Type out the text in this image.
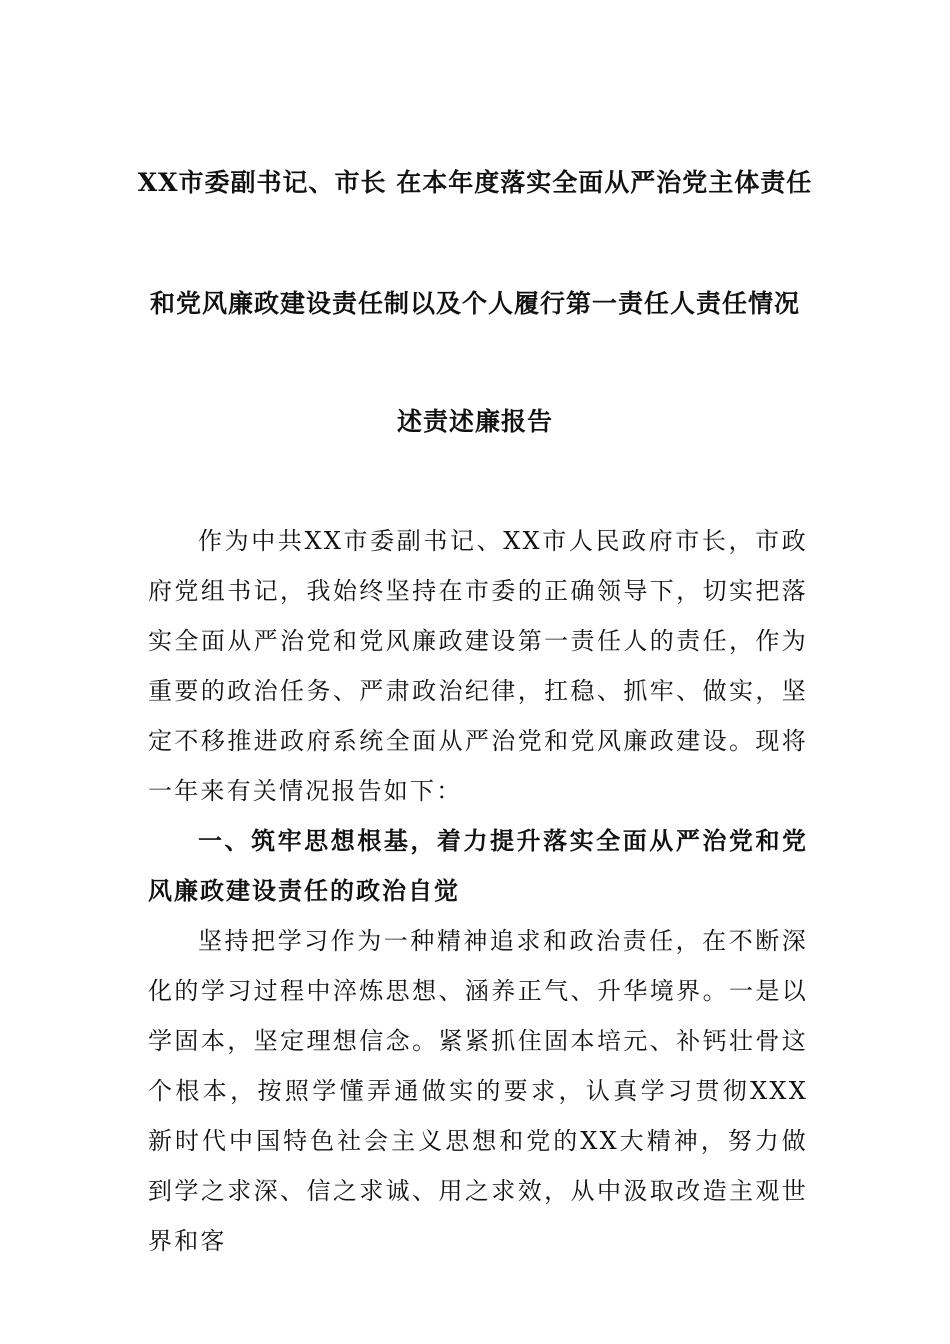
XX市委副书记、市长 在本年度落实全面从严治党主体责任
和党风廉政建设责任制以及个人履行第一责任人责任情况
述责述廉报告

作为中共XX市委副书记、XX市人民政府市长，市政府党组书记，我始终坚持在市委的正确领导下，切实把落实全面从严治党和党风廉政建设第一责任人的责任，作为重要的政治任务、严肃政治纪律，扛稳、抓牢、做实，坚定不移推进政府系统全面从严治党和党风廉政建设。现将一年来有关情况报告如下：

一、筑牢思想根基，着力提升落实全面从严治党和党风廉政建设责任的政治自觉

坚持把学习作为一种精神追求和政治责任，在不断深化的学习过程中淬炼思想、涵养正气、升华境界。一是以学固本，坚定理想信念。紧紧抓住固本培元、补钙壮骨这个根本，按照学懂弄通做实的要求，认真学习贯彻XXX新时代中国特色社会主义思想和党的XX大精神，努力做到学之求深、信之求诚、用之求效，从中汲取改造主观世界和客
